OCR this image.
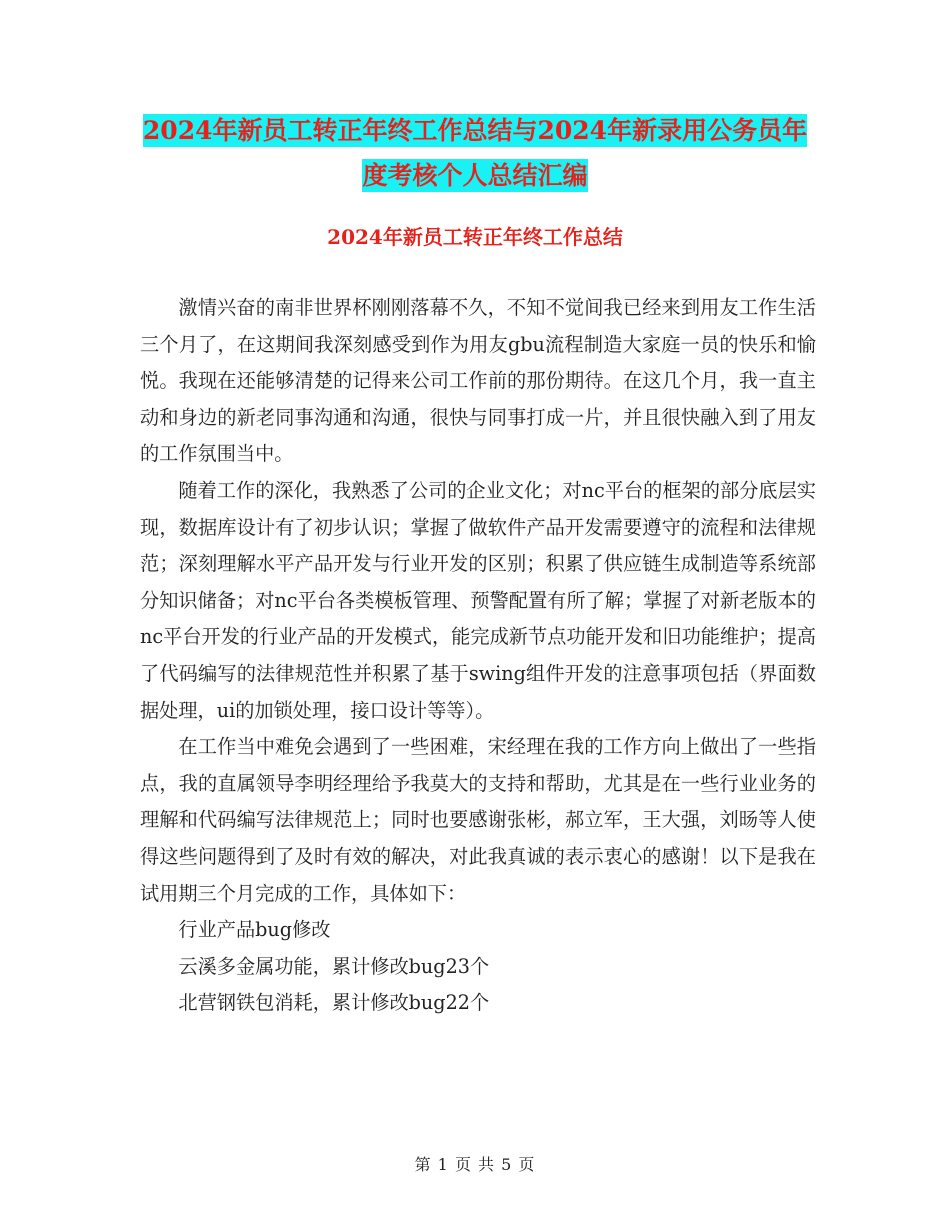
2024年新员工转正年终工作总结与2024年新录用公务员年度考核个人总结汇编
2024年新员工转正年终工作总结

激情兴奋的南非世界杯刚刚落幕不久，不知不觉间我已经来到用友工作生活三个月了，在这期间我深刻感受到作为用友gbu流程制造大家庭一员的快乐和愉悦。我现在还能够清楚的记得来公司工作前的那份期待。在这几个月，我一直主动和身边的新老同事沟通和沟通，很快与同事打成一片，并且很快融入到了用友的工作氛围当中。

随着工作的深化，我熟悉了公司的企业文化；对nc平台的框架的部分底层实现，数据库设计有了初步认识；掌握了做软件产品开发需要遵守的流程和法律规范；深刻理解水平产品开发与行业开发的区别；积累了供应链生成制造等系统部分知识储备；对nc平台各类模板管理、预警配置有所了解；掌握了对新老版本的nc平台开发的行业产品的开发模式，能完成新节点功能开发和旧功能维护；提高了代码编写的法律规范性并积累了基于swing组件开发的注意事项包括（界面数据处理，ui的加锁处理，接口设计等等）。

在工作当中难免会遇到了一些困难，宋经理在我的工作方向上做出了一些指点，我的直属领导李明经理给予我莫大的支持和帮助，尤其是在一些行业业务的理解和代码编写法律规范上；同时也要感谢张彬，郝立军，王大强，刘旸等人使得这些问题得到了及时有效的解决，对此我真诚的表示衷心的感谢！以下是我在试用期三个月完成的工作，具体如下：

行业产品bug修改

云溪多金属功能，累计修改bug23个

北营钢铁包消耗，累计修改bug22个

第 1 页 共 5 页
